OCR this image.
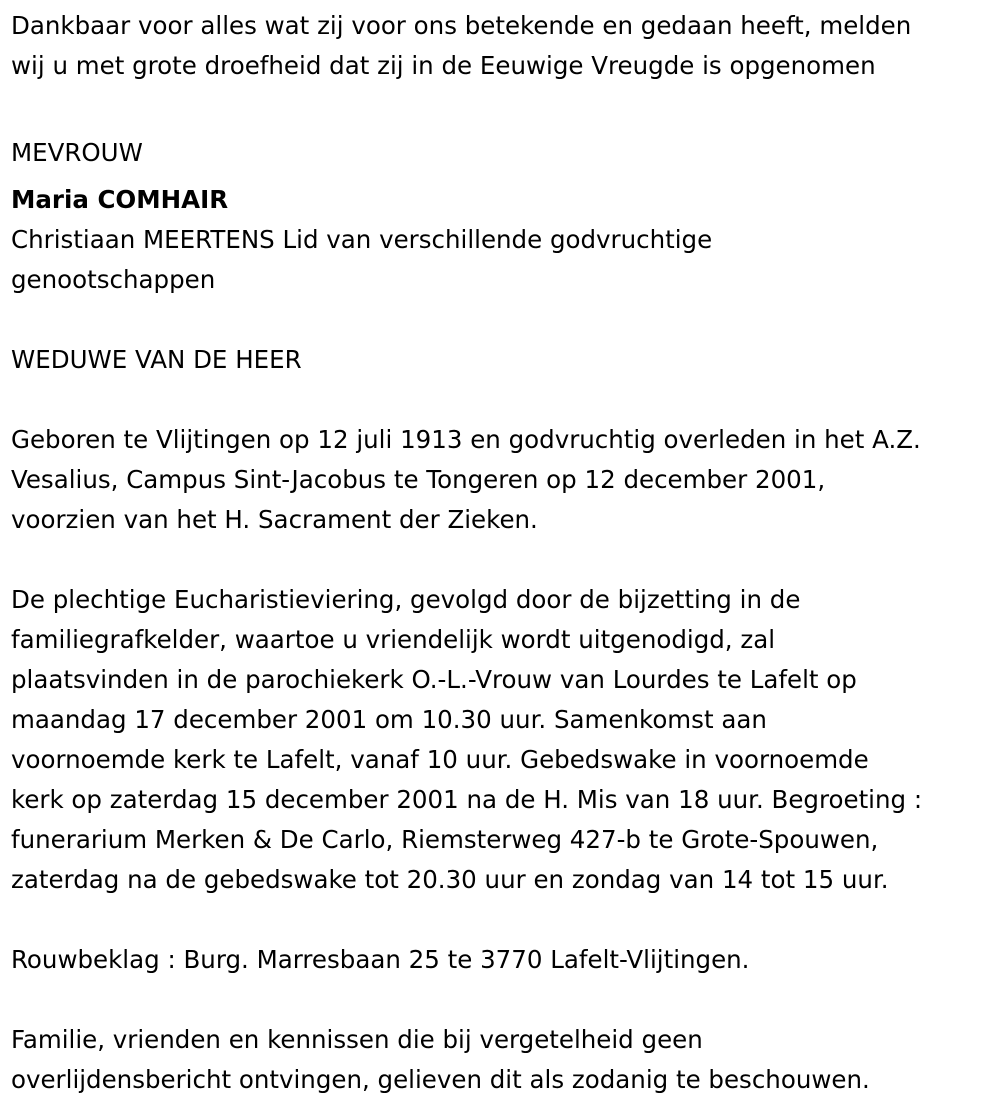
Dankbaar voor alles wat zij voor ons betekende en gedaan heeft, melden
wij u met grote droefheid dat zij in de Eeuwige Vreugde is opgenomen

MEVROUW

Maria COMHAIR

Christiaan MEERTENS Lid van verschillende godvruchtige
genootschappen

WEDUWE VAN DE HEER

Geboren te Vlijtingen op 12 juli 1913 en godvruchtig overleden in het A.Z.
Vesalius, Campus Sint-Jacobus te Tongeren op 12 december 2001,
voorzien van het H. Sacrament der Zieken.

De plechtige Eucharistieviering, gevolgd door de bijzetting in de
familiegrafkelder, waartoe u vriendelijk wordt uitgenodigd, zal
plaatsvinden in de parochiekerk O.-L.-Vrouw van Lourdes te Lafelt op
maandag 17 december 2001 om 10.30 uur. Samenkomst aan
voornoemde kerk te Lafelt, vanaf 10 uur. Gebedswake in voornoemde
kerk op zaterdag 15 december 2001 na de H. Mis van 18 uur. Begroeting :
funerarium Merken & De Carlo, Riemsterweg 427-b te Grote-Spouwen,
zaterdag na de gebedswake tot 20.30 uur en zondag van 14 tot 15 uur.

Rouwbeklag : Burg. Marresbaan 25 te 3770 Lafelt-Vlijtingen.

Familie, vrienden en kennissen die bij vergetelheid geen
overlijdensbericht ontvingen, gelieven dit als zodanig te beschouwen.
